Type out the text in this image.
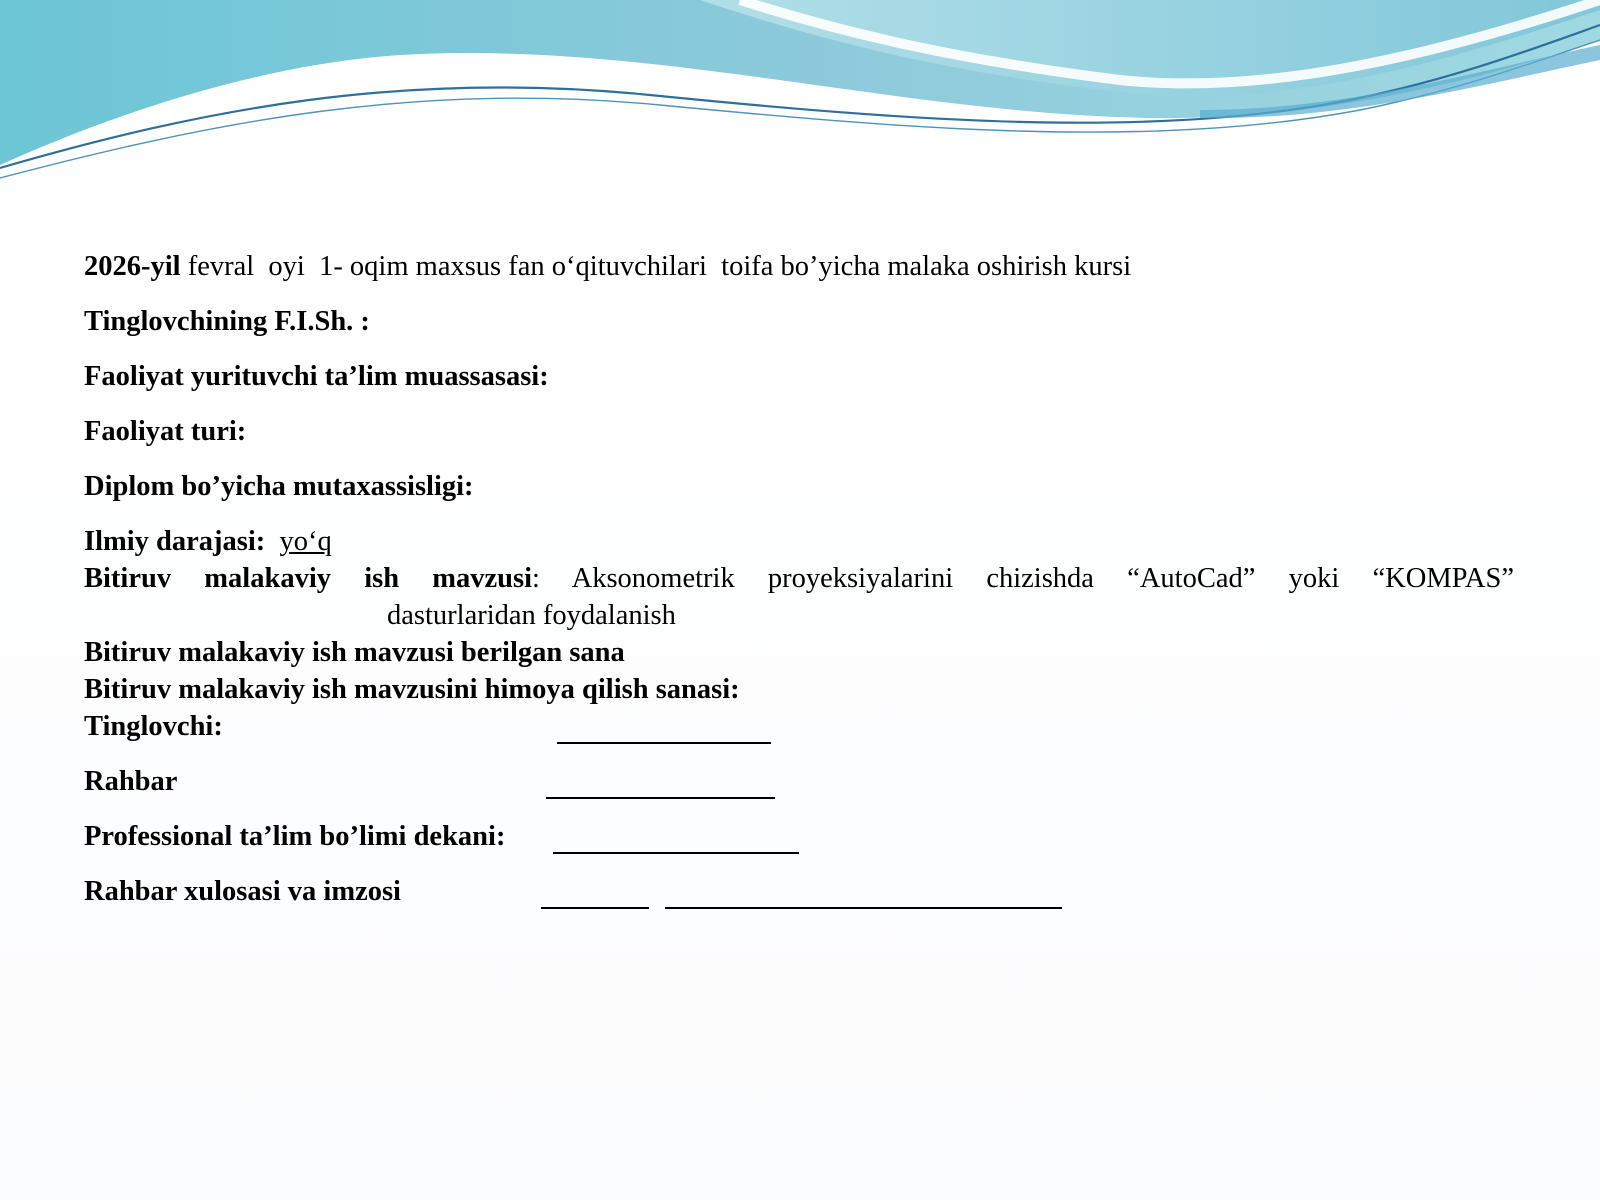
2026-yil fevral  oyi  1- oqim maxsus fan oʻqituvchilari  toifa bo’yicha malaka oshirish kursi
Tinglovchining F.I.Sh. :
Faoliyat yurituvchi ta’lim muassasasi:
Faoliyat turi:
Diplom bo’yicha mutaxassisligi:
Ilmiy darajasi: yoʻq
Bitiruv malakaviy ish mavzusi: Aksonometrik proyeksiyalarini chizishda “AutoCad” yoki “KOMPAS”
dasturlaridan foydalanish
Bitiruv malakaviy ish mavzusi berilgan sana
Bitiruv malakaviy ish mavzusini himoya qilish sanasi:
Tinglovchi:
Rahbar
Professional ta’lim bo’limi dekani:
Rahbar xulosasi va imzosi
